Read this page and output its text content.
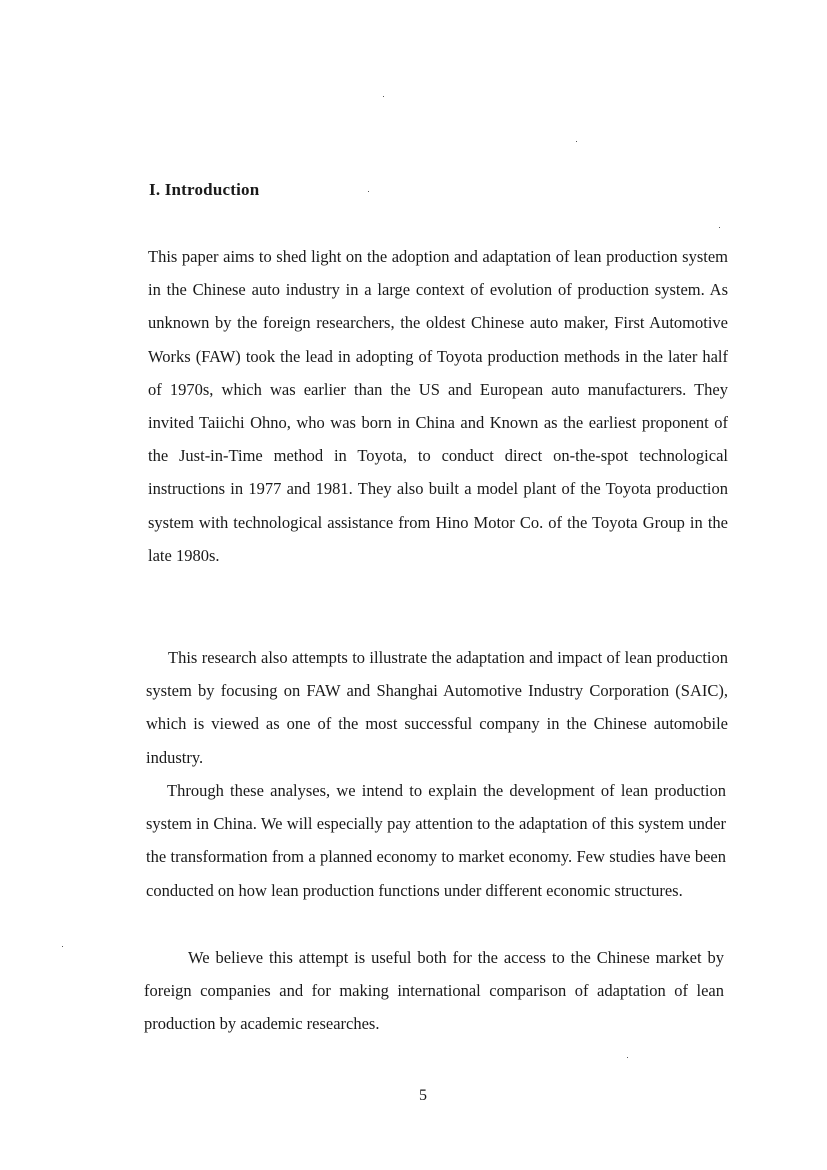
I. Introduction

This paper aims to shed light on the adoption and adaptation of lean production system in the Chinese auto industry in a large context of evolution of production system. As unknown by the foreign researchers, the oldest Chinese auto maker, First Automotive Works (FAW) took the lead in adopting of Toyota production methods in the later half of 1970s, which was earlier than the US and European auto manufacturers. They invited Taiichi Ohno, who was born in China and Known as the earliest proponent of the Just-in-Time method in Toyota, to conduct direct on-the-spot technological instructions in 1977 and 1981. They also built a model plant of the Toyota production system with technological assistance from Hino Motor Co. of the Toyota Group in the late 1980s.

This research also attempts to illustrate the adaptation and impact of lean production system by focusing on FAW and Shanghai Automotive Industry Corporation (SAIC), which is viewed as one of the most successful company in the Chinese automobile industry.

Through these analyses, we intend to explain the development of lean production system in China. We will especially pay attention to the adaptation of this system under the transformation from a planned economy to market economy. Few studies have been conducted on how lean production functions under different economic structures.

We believe this attempt is useful both for the access to the Chinese market by foreign companies and for making international comparison of adaptation of lean production by academic researches.

5
